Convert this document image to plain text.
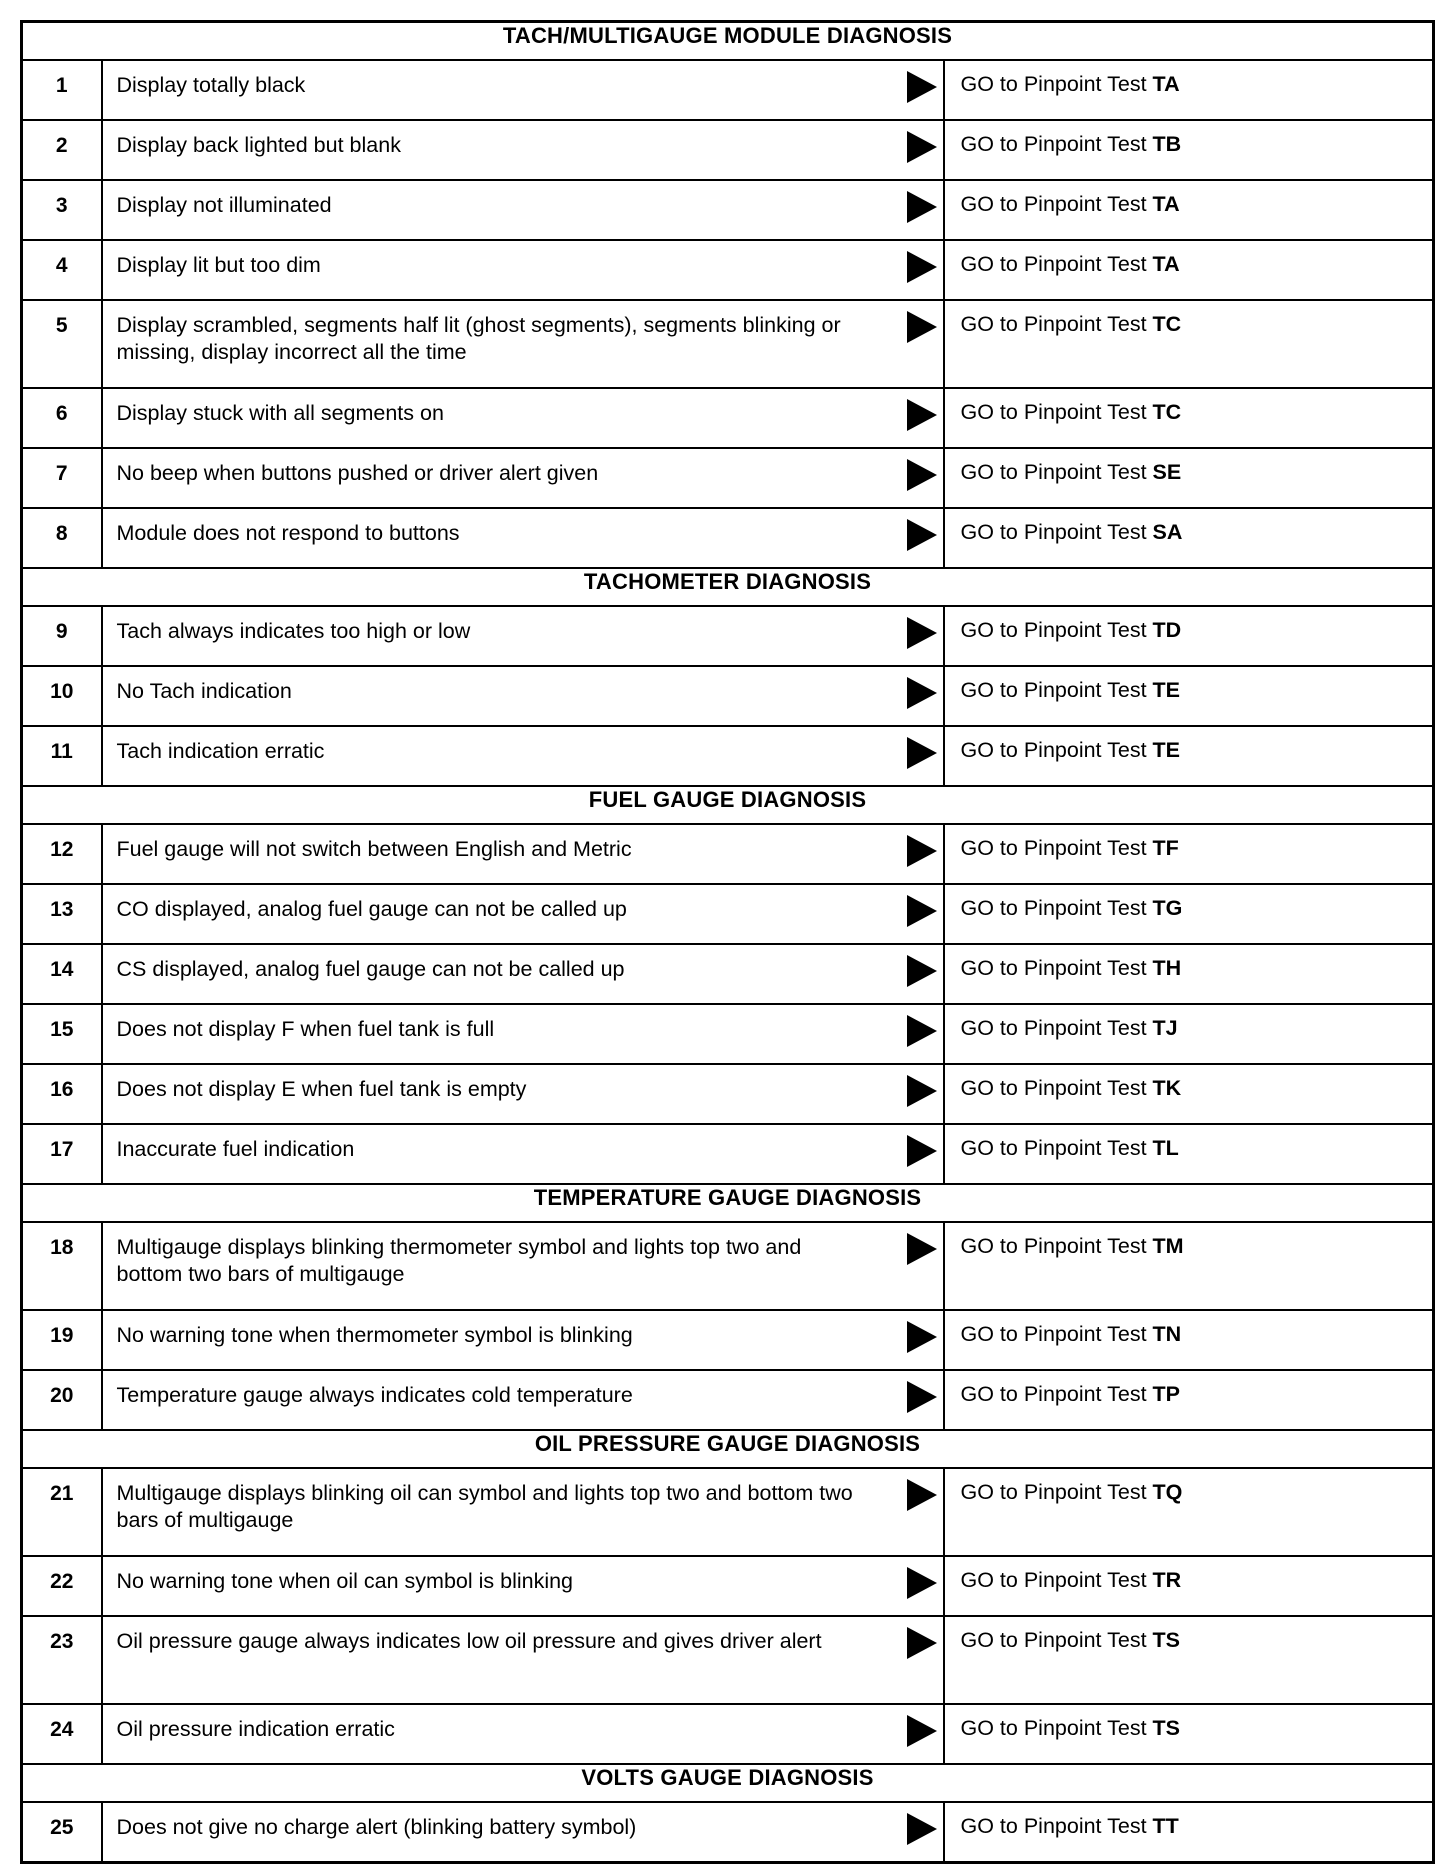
TACH/MULTIGAUGE MODULE DIAGNOSIS		
1	Display totally black	GO to Pinpoint Test TA
2	Display back lighted but blank	GO to Pinpoint Test TB
3	Display not illuminated	GO to Pinpoint Test TA
4	Display lit but too dim	GO to Pinpoint Test TA
5	Display scrambled, segments half lit (ghost segments), segments blinking or missing, display incorrect all the time	GO to Pinpoint Test TC
6	Display stuck with all segments on	GO to Pinpoint Test TC
7	No beep when buttons pushed or driver alert given	GO to Pinpoint Test SE
8	Module does not respond to buttons	GO to Pinpoint Test SA
TACHOMETER DIAGNOSIS		
9	Tach always indicates too high or low	GO to Pinpoint Test TD
10	No Tach indication	GO to Pinpoint Test TE
11	Tach indication erratic	GO to Pinpoint Test TE
FUEL GAUGE DIAGNOSIS		
12	Fuel gauge will not switch between English and Metric	GO to Pinpoint Test TF
13	CO displayed, analog fuel gauge can not be called up	GO to Pinpoint Test TG
14	CS displayed, analog fuel gauge can not be called up	GO to Pinpoint Test TH
15	Does not display F when fuel tank is full	GO to Pinpoint Test TJ
16	Does not display E when fuel tank is empty	GO to Pinpoint Test TK
17	Inaccurate fuel indication	GO to Pinpoint Test TL
TEMPERATURE GAUGE DIAGNOSIS		
18	Multigauge displays blinking thermometer symbol and lights top two and bottom two bars of multigauge	GO to Pinpoint Test TM
19	No warning tone when thermometer symbol is blinking	GO to Pinpoint Test TN
20	Temperature gauge always indicates cold temperature	GO to Pinpoint Test TP
OIL PRESSURE GAUGE DIAGNOSIS		
21	Multigauge displays blinking oil can symbol and lights top two and bottom two bars of multigauge	GO to Pinpoint Test TQ
22	No warning tone when oil can symbol is blinking	GO to Pinpoint Test TR
23	Oil pressure gauge always indicates low oil pressure and gives driver alert	GO to Pinpoint Test TS
24	Oil pressure indication erratic	GO to Pinpoint Test TS
VOLTS GAUGE DIAGNOSIS		
25	Does not give no charge alert (blinking battery symbol)	GO to Pinpoint Test TT
